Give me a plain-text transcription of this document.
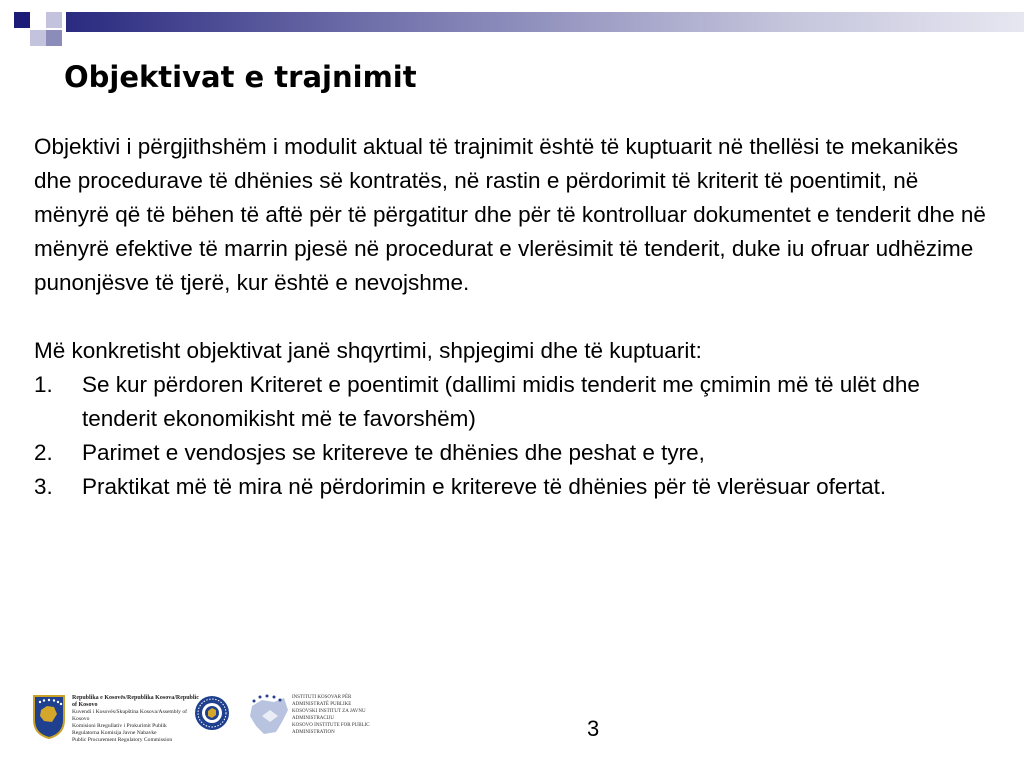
Objektivat e trajnimit

Objektivi i përgjithshëm i modulit aktual të trajnimit është të kuptuarit në thellësi te mekanikës dhe procedurave të dhënies së kontratës, në rastin e përdorimit të kriterit të poentimit, në mënyrë që të bëhen të aftë për të përgatitur dhe për të kontrolluar dokumentet e tenderit dhe në mënyrë efektive të marrin pjesë në procedurat e vlerësimit të tenderit, duke iu ofruar udhëzime punonjësve të tjerë, kur është e nevojshme.

Më konkretisht objektivat janë shqyrtimi, shpjegimi dhe të kuptuarit:

1. Se kur përdoren Kriteret e poentimit (dallimi midis tenderit me çmimin më të ulët dhe tenderit ekonomikisht më te favorshëm)
2. Parimet e vendosjes se kritereve te dhënies dhe peshat e tyre,
3. Praktikat më të mira në përdorimin e kritereve të dhënies për të vlerësuar ofertat.
Republika e Kosovës/Republika Kosova/Republic of Kosovo
Kuvendi i Kosovës/Skupština Kosova/Assembly of Kosovo
Komisioni Rregullativ i Prokurimit Publik
Regulatorna Komisija Javne Nabavke
Public Procurement Regulatory Commission
INSTITUTI KOSOVAR PËR ADMINISTRATË PUBLIKE
KOSOVSKI INSTITUT ZA JAVNU ADMINISTRACIJU
KOSOVO INSTITUTE FOR PUBLIC ADMINISTRATION	3
